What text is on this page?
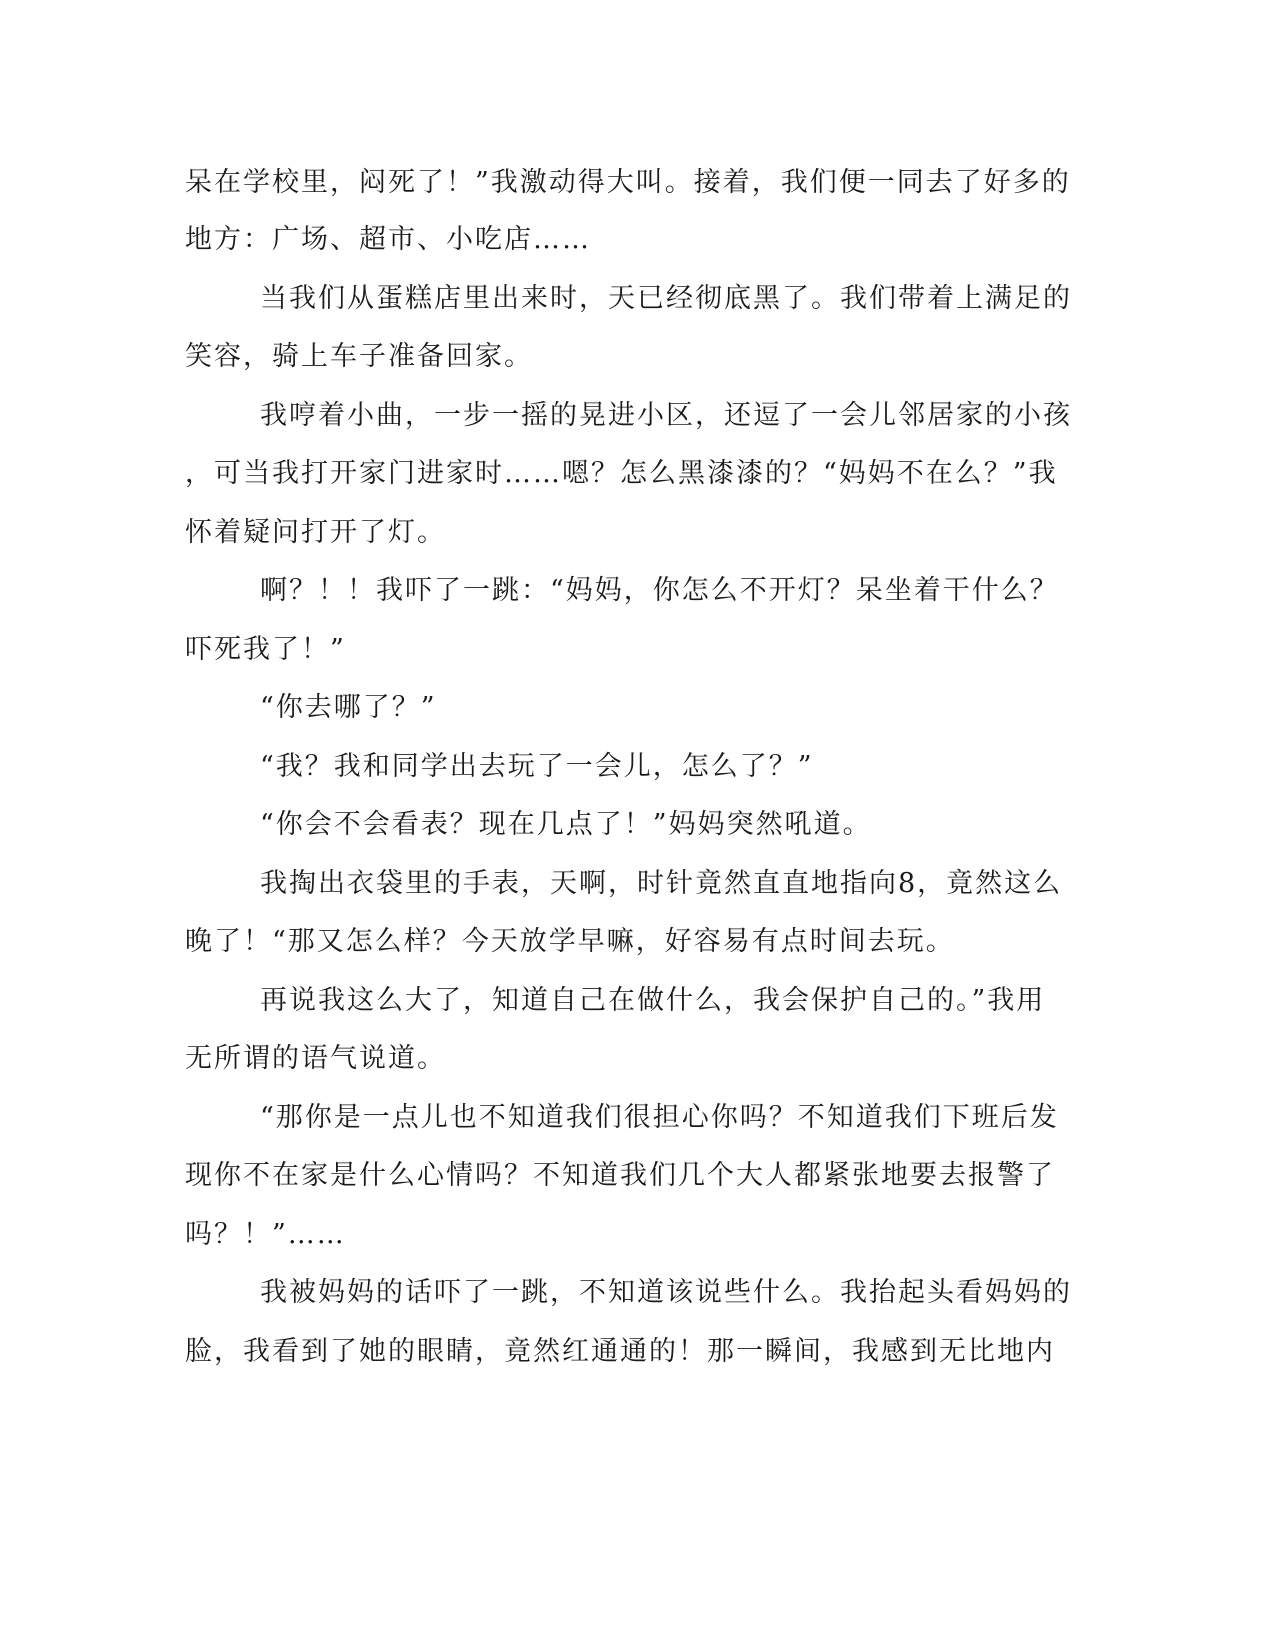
呆在学校里，闷死了！”我激动得大叫。接着，我们便一同去了好多的
地方：广场、超市、小吃店……
当我们从蛋糕店里出来时，天已经彻底黑了。我们带着上满足的
笑容，骑上车子准备回家。
我哼着小曲，一步一摇的晃进小区，还逗了一会儿邻居家的小孩
，可当我打开家门进家时……嗯？怎么黑漆漆的？“妈妈不在么？”我
怀着疑问打开了灯。
啊？！！我吓了一跳：“妈妈，你怎么不开灯？呆坐着干什么？
吓死我了！”
“你去哪了？”
“我？我和同学出去玩了一会儿，怎么了？”
“你会不会看表？现在几点了！”妈妈突然吼道。
我掏出衣袋里的手表，天啊，时针竟然直直地指向8，竟然这么
晚了！“那又怎么样？今天放学早嘛，好容易有点时间去玩。
再说我这么大了，知道自己在做什么，我会保护自己的。”我用
无所谓的语气说道。
“那你是一点儿也不知道我们很担心你吗？不知道我们下班后发
现你不在家是什么心情吗？不知道我们几个大人都紧张地要去报警了
吗？！”……
我被妈妈的话吓了一跳，不知道该说些什么。我抬起头看妈妈的
脸，我看到了她的眼睛，竟然红通通的！那一瞬间，我感到无比地内
